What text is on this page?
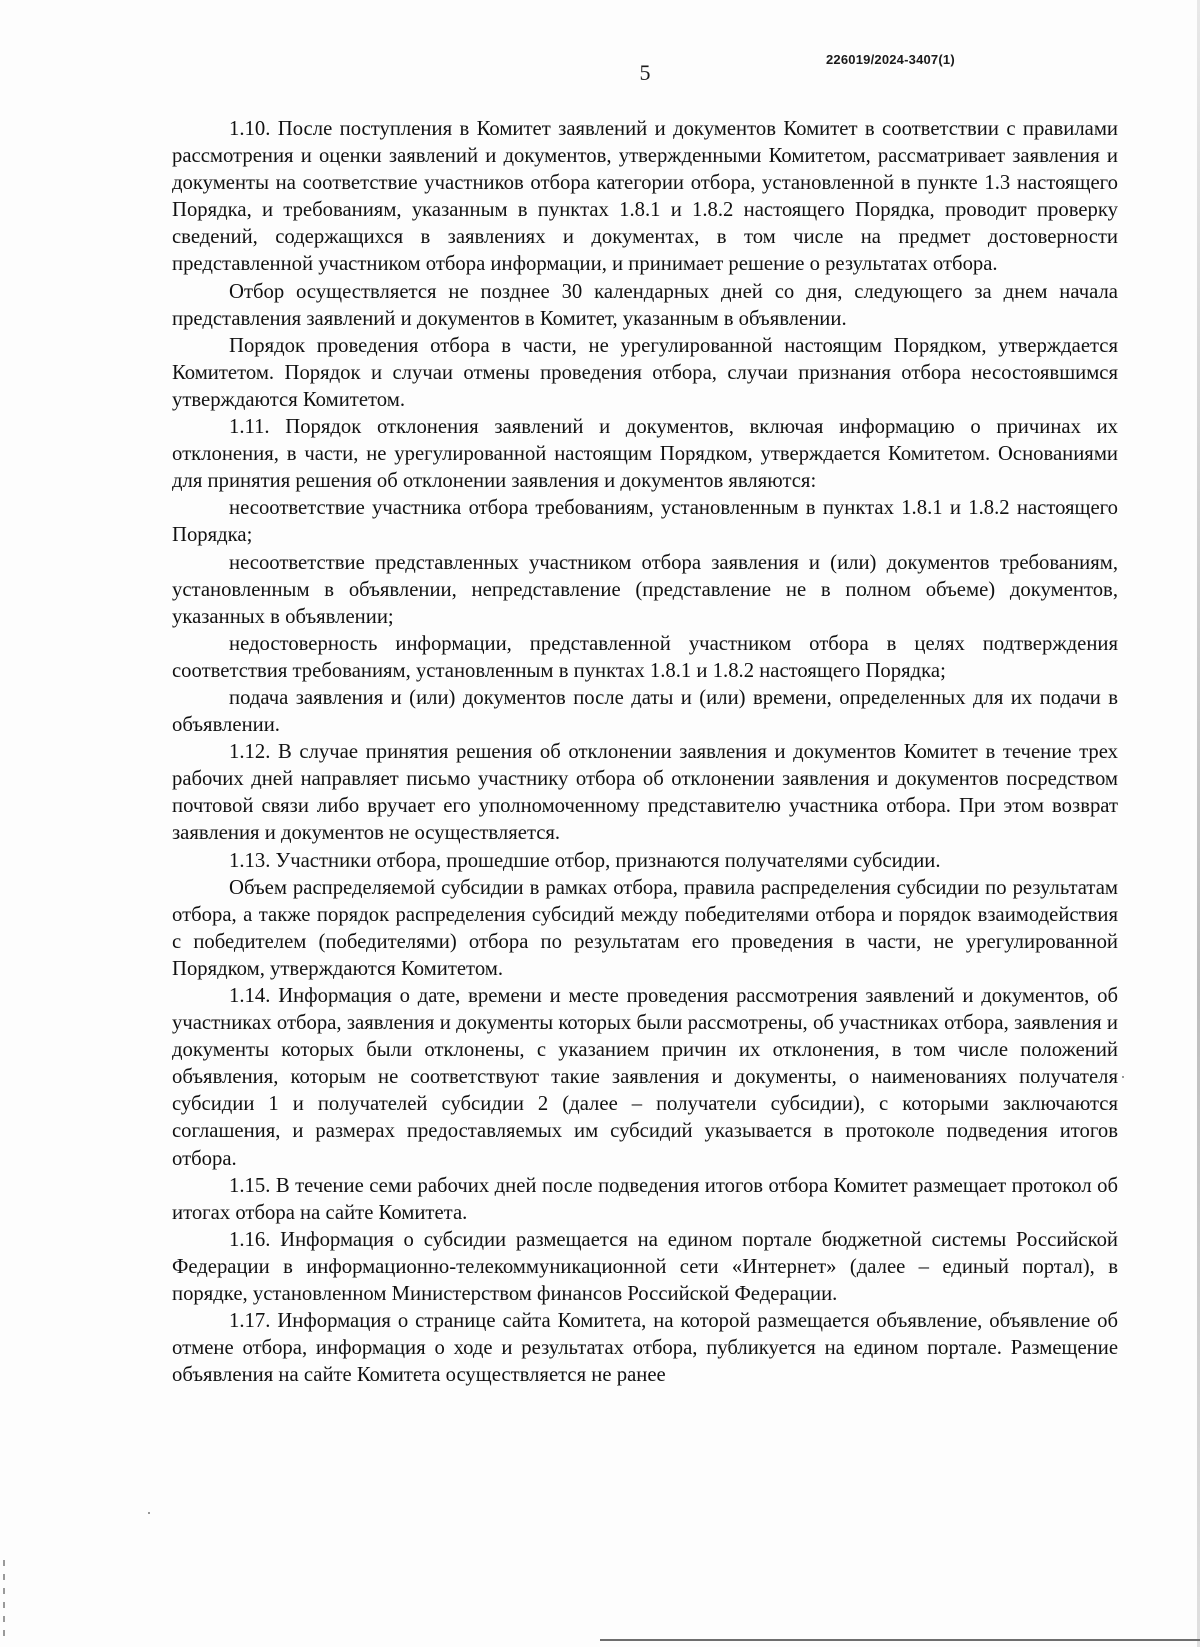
226019/2024-3407(1)
5

1.10. После поступления в Комитет заявлений и документов Комитет в соответствии с правилами рассмотрения и оценки заявлений и документов, утвержденными Комитетом, рассматривает заявления и документы на соответствие участников отбора категории отбора, установленной в пункте 1.3 настоящего Порядка, и требованиям, указанным в пунктах 1.8.1 и 1.8.2 настоящего Порядка, проводит проверку сведений, содержащихся в заявлениях и документах, в том числе на предмет достоверности представленной участником отбора информации, и принимает решение о результатах отбора.

Отбор осуществляется не позднее 30 календарных дней со дня, следующего за днем начала представления заявлений и документов в Комитет, указанным в объявлении.

Порядок проведения отбора в части, не урегулированной настоящим Порядком, утверждается Комитетом. Порядок и случаи отмены проведения отбора, случаи признания отбора несостоявшимся утверждаются Комитетом.

1.11. Порядок отклонения заявлений и документов, включая информацию о причинах их отклонения, в части, не урегулированной настоящим Порядком, утверждается Комитетом. Основаниями для принятия решения об отклонении заявления и документов являются:

несоответствие участника отбора требованиям, установленным в пунктах 1.8.1 и 1.8.2 настоящего Порядка;

несоответствие представленных участником отбора заявления и (или) документов требованиям, установленным в объявлении, непредставление (представление не в полном объеме) документов, указанных в объявлении;

недостоверность информации, представленной участником отбора в целях подтверждения соответствия требованиям, установленным в пунктах 1.8.1 и 1.8.2 настоящего Порядка;

подача заявления и (или) документов после даты и (или) времени, определенных для их подачи в объявлении.

1.12. В случае принятия решения об отклонении заявления и документов Комитет в течение трех рабочих дней направляет письмо участнику отбора об отклонении заявления и документов посредством почтовой связи либо вручает его уполномоченному представителю участника отбора. При этом возврат заявления и документов не осуществляется.

1.13. Участники отбора, прошедшие отбор, признаются получателями субсидии.

Объем распределяемой субсидии в рамках отбора, правила распределения субсидии по результатам отбора, а также порядок распределения субсидий между победителями отбора и порядок взаимодействия с победителем (победителями) отбора по результатам его проведения в части, не урегулированной Порядком, утверждаются Комитетом.

1.14. Информация о дате, времени и месте проведения рассмотрения заявлений и документов, об участниках отбора, заявления и документы которых были рассмотрены, об участниках отбора, заявления и документы которых были отклонены, с указанием причин их отклонения, в том числе положений объявления, которым не соответствуют такие заявления и документы, о наименованиях получателя субсидии 1 и получателей субсидии 2 (далее – получатели субсидии), с которыми заключаются соглашения, и размерах предоставляемых им субсидий указывается в протоколе подведения итогов отбора.

1.15. В течение семи рабочих дней после подведения итогов отбора Комитет размещает протокол об итогах отбора на сайте Комитета.

1.16. Информация о субсидии размещается на едином портале бюджетной системы Российской Федерации в информационно-телекоммуникационной сети «Интернет» (далее – единый портал), в порядке, установленном Министерством финансов Российской Федерации.

1.17. Информация о странице сайта Комитета, на которой размещается объявление, объявление об отмене отбора, информация о ходе и результатах отбора, публикуется на едином портале. Размещение объявления на сайте Комитета осуществляется не ранее
